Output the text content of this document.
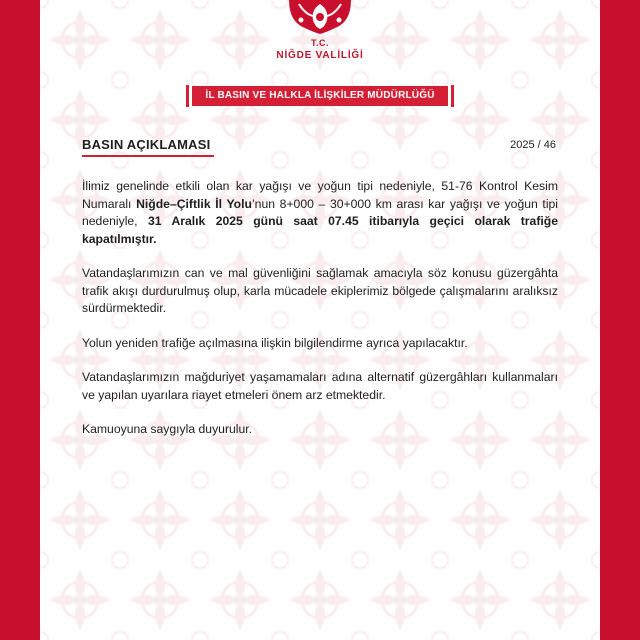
T.C.
NİĞDE VALİLİĞİ
İL BASIN VE HALKLA İLİŞKİLER MÜDÜRLÜĞÜ
BASIN AÇIKLAMASI	2025 / 46

İlimiz genelinde etkili olan kar yağışı ve yoğun tipi nedeniyle, 51-76 Kontrol Kesim Numaralı Niğde–Çiftlik İl Yolu’nun 8+000 – 30+000 km arası kar yağışı ve yoğun tipi nedeniyle, 31 Aralık 2025 günü saat 07.45 itibarıyla geçici olarak trafiğe kapatılmıştır.

Vatandaşlarımızın can ve mal güvenliğini sağlamak amacıyla söz konusu güzergâhta trafik akışı durdurulmuş olup, karla mücadele ekiplerimiz bölgede çalışmalarını aralıksız sürdürmektedir.

Yolun yeniden trafiğe açılmasına ilişkin bilgilendirme ayrıca yapılacaktır.

Vatandaşlarımızın mağduriyet yaşamamaları adına alternatif güzergâhları kullanmaları ve yapılan uyarılara riayet etmeleri önem arz etmektedir.

Kamuoyuna saygıyla duyurulur.
